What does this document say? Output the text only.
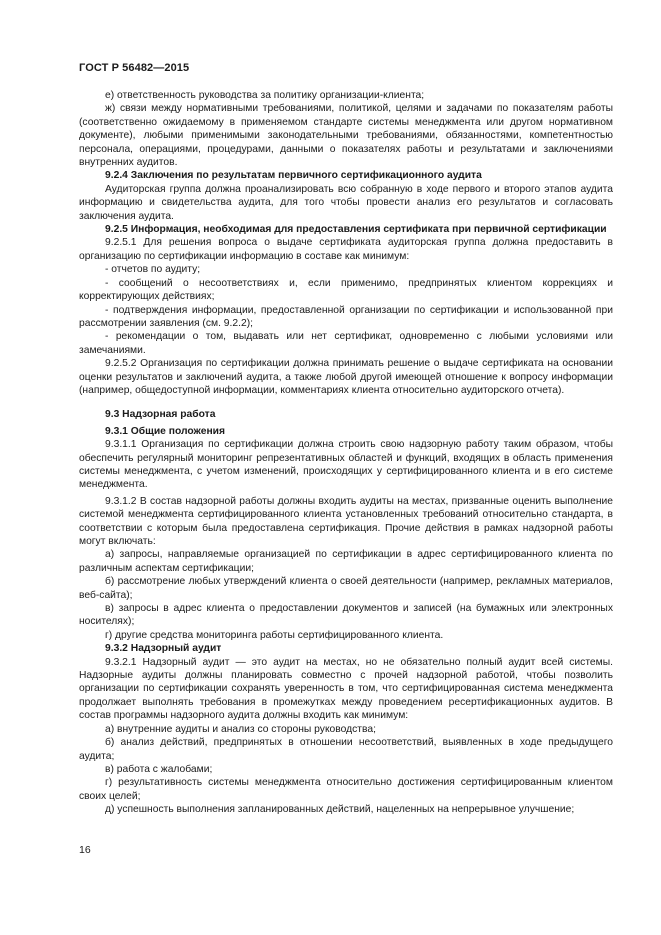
ГОСТ Р 56482—2015

е) ответственность руководства за политику организации-клиента;

ж) связи между нормативными требованиями, политикой, целями и задачами по показателям работы (соответственно ожидаемому в применяемом стандарте системы менеджмента или другом нормативном документе), любыми применимыми законодательными требованиями, обязанностями, компетентностью персонала, операциями, процедурами, данными о показателях работы и результатами и заключениями внутренних аудитов.

9.2.4 Заключения по результатам первичного сертификационного аудита

Аудиторская группа должна проанализировать всю собранную в ходе первого и второго этапов аудита информацию и свидетельства аудита, для того чтобы провести анализ его результатов и согласовать заключения аудита.

9.2.5 Информация, необходимая для предоставления сертификата при первичной сертификации

9.2.5.1 Для решения вопроса о выдаче сертификата аудиторская группа должна предоставить в организацию по сертификации информацию в составе как минимум:

- отчетов по аудиту;

- сообщений о несоответствиях и, если применимо, предпринятых клиентом коррекциях и корректирующих действиях;

- подтверждения информации, предоставленной организации по сертификации и использованной при рассмотрении заявления (см. 9.2.2);

- рекомендации о том, выдавать или нет сертификат, одновременно с любыми условиями или замечаниями.

9.2.5.2 Организация по сертификации должна принимать решение о выдаче сертификата на основании оценки результатов и заключений аудита, а также любой другой имеющей отношение к вопросу информации (например, общедоступной информации, комментариях клиента относительно аудиторского отчета).

9.3 Надзорная работа

9.3.1 Общие положения

9.3.1.1 Организация по сертификации должна строить свою надзорную работу таким образом, чтобы обеспечить регулярный мониторинг репрезентативных областей и функций, входящих в область применения системы менеджмента, с учетом изменений, происходящих у сертифицированного клиента и в его системе менеджмента.

9.3.1.2 В состав надзорной работы должны входить аудиты на местах, призванные оценить выполнение системой менеджмента сертифицированного клиента установленных требований относительно стандарта, в соответствии с которым была предоставлена сертификация. Прочие действия в рамках надзорной работы могут включать:

а) запросы, направляемые организацией по сертификации в адрес сертифицированного клиента по различным аспектам сертификации;

б) рассмотрение любых утверждений клиента о своей деятельности (например, рекламных материалов, веб-сайта);

в) запросы в адрес клиента о предоставлении документов и записей (на бумажных или электронных носителях);

г) другие средства мониторинга работы сертифицированного клиента.

9.3.2 Надзорный аудит

9.3.2.1 Надзорный аудит — это аудит на местах, но не обязательно полный аудит всей системы. Надзорные аудиты должны планировать совместно с прочей надзорной работой, чтобы позволить организации по сертификации сохранять уверенность в том, что сертифицированная система менеджмента продолжает выполнять требования в промежутках между проведением ресертификационных аудитов. В состав программы надзорного аудита должны входить как минимум:

а) внутренние аудиты и анализ со стороны руководства;

б) анализ действий, предпринятых в отношении несоответствий, выявленных в ходе предыдущего аудита;

в) работа с жалобами;

г) результативность системы менеджмента относительно достижения сертифицированным клиентом своих целей;

д) успешность выполнения запланированных действий, нацеленных на непрерывное улучшение;

16
